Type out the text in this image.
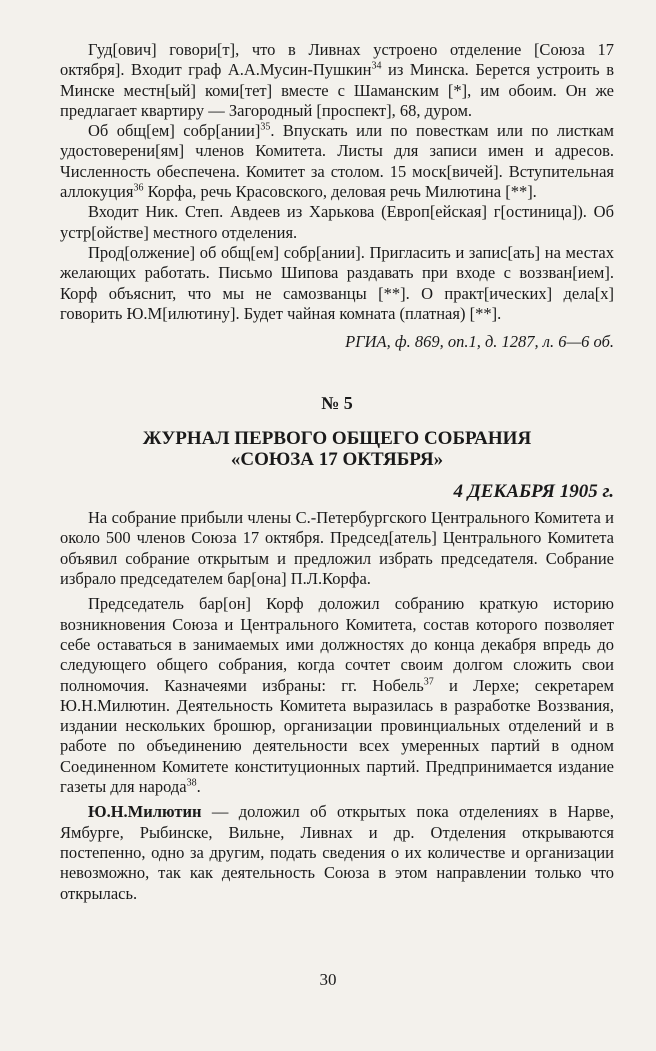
Гуд[ович] говори[т], что в Ливнах устроено отделение [Союза 17 октября]. Входит граф А.А.Мусин-Пушкин$^{34}$ из Минска. Берется устроить в Минске местн[ый] коми[тет] вместе с Шаманским [*], им обоим. Он же предлагает квартиру — Загородный [проспект], 68, дуром.

Об общ[ем] собр[ании]$^{35}$. Впускать или по повесткам или по листкам удостоверени[ям] членов Комитета. Листы для записи имен и адресов. Численность обеспечена. Комитет за столом. 15 моск[вичей]. Вступительная аллокуция$^{36}$ Корфа, речь Красовского, деловая речь Милютина [**].

Входит Ник. Степ. Авдеев из Харькова (Европ[ейская] г[остиница]). Об устр[ойстве] местного отделения.

Прод[олжение] об общ[ем] собр[ании]. Пригласить и запис[ать] на местах желающих работать. Письмо Шипова раздавать при входе с воззван[ием]. Корф объяснит, что мы не самозванцы [**]. О практ[ических] дела[х] говорить Ю.М[илютину]. Будет чайная комната (платная) [**].

РГИА, ф. 869, оп.1, д. 1287, л. 6—6 об.

№ 5
ЖУРНАЛ ПЕРВОГО ОБЩЕГО СОБРАНИЯ
«СОЮЗА 17 ОКТЯБРЯ»
4 ДЕКАБРЯ 1905 г.

На собрание прибыли члены С.-Петербургского Центрального Комитета и около 500 членов Союза 17 октября. Председ[атель] Центрального Комитета объявил собрание открытым и предложил избрать председателя. Собрание избрало председателем бар[она] П.Л.Корфа.

Председатель бар[он] Корф доложил собранию краткую историю возникновения Союза и Центрального Комитета, состав которого позволяет себе оставаться в занимаемых ими должностях до конца декабря впредь до следующего общего собрания, когда сочтет своим долгом сложить свои полномочия. Казначеями избраны: гг. Нобель$^{37}$ и Лерхе; секретарем Ю.Н.Милютин. Деятельность Комитета выразилась в разработке Воззвания, издании нескольких брошюр, организации провинциальных отделений и в работе по объединению деятельности всех умеренных партий в одном Соединенном Комитете конституционных партий. Предпринимается издание газеты для народа$^{38}$.

Ю.Н.Милютин — доложил об открытых пока отделениях в Нарве, Ямбурге, Рыбинске, Вильне, Ливнах и др. Отделения открываются постепенно, одно за другим, подать сведения о их количестве и организации невозможно, так как деятельность Союза в этом направлении только что открылась.

30
